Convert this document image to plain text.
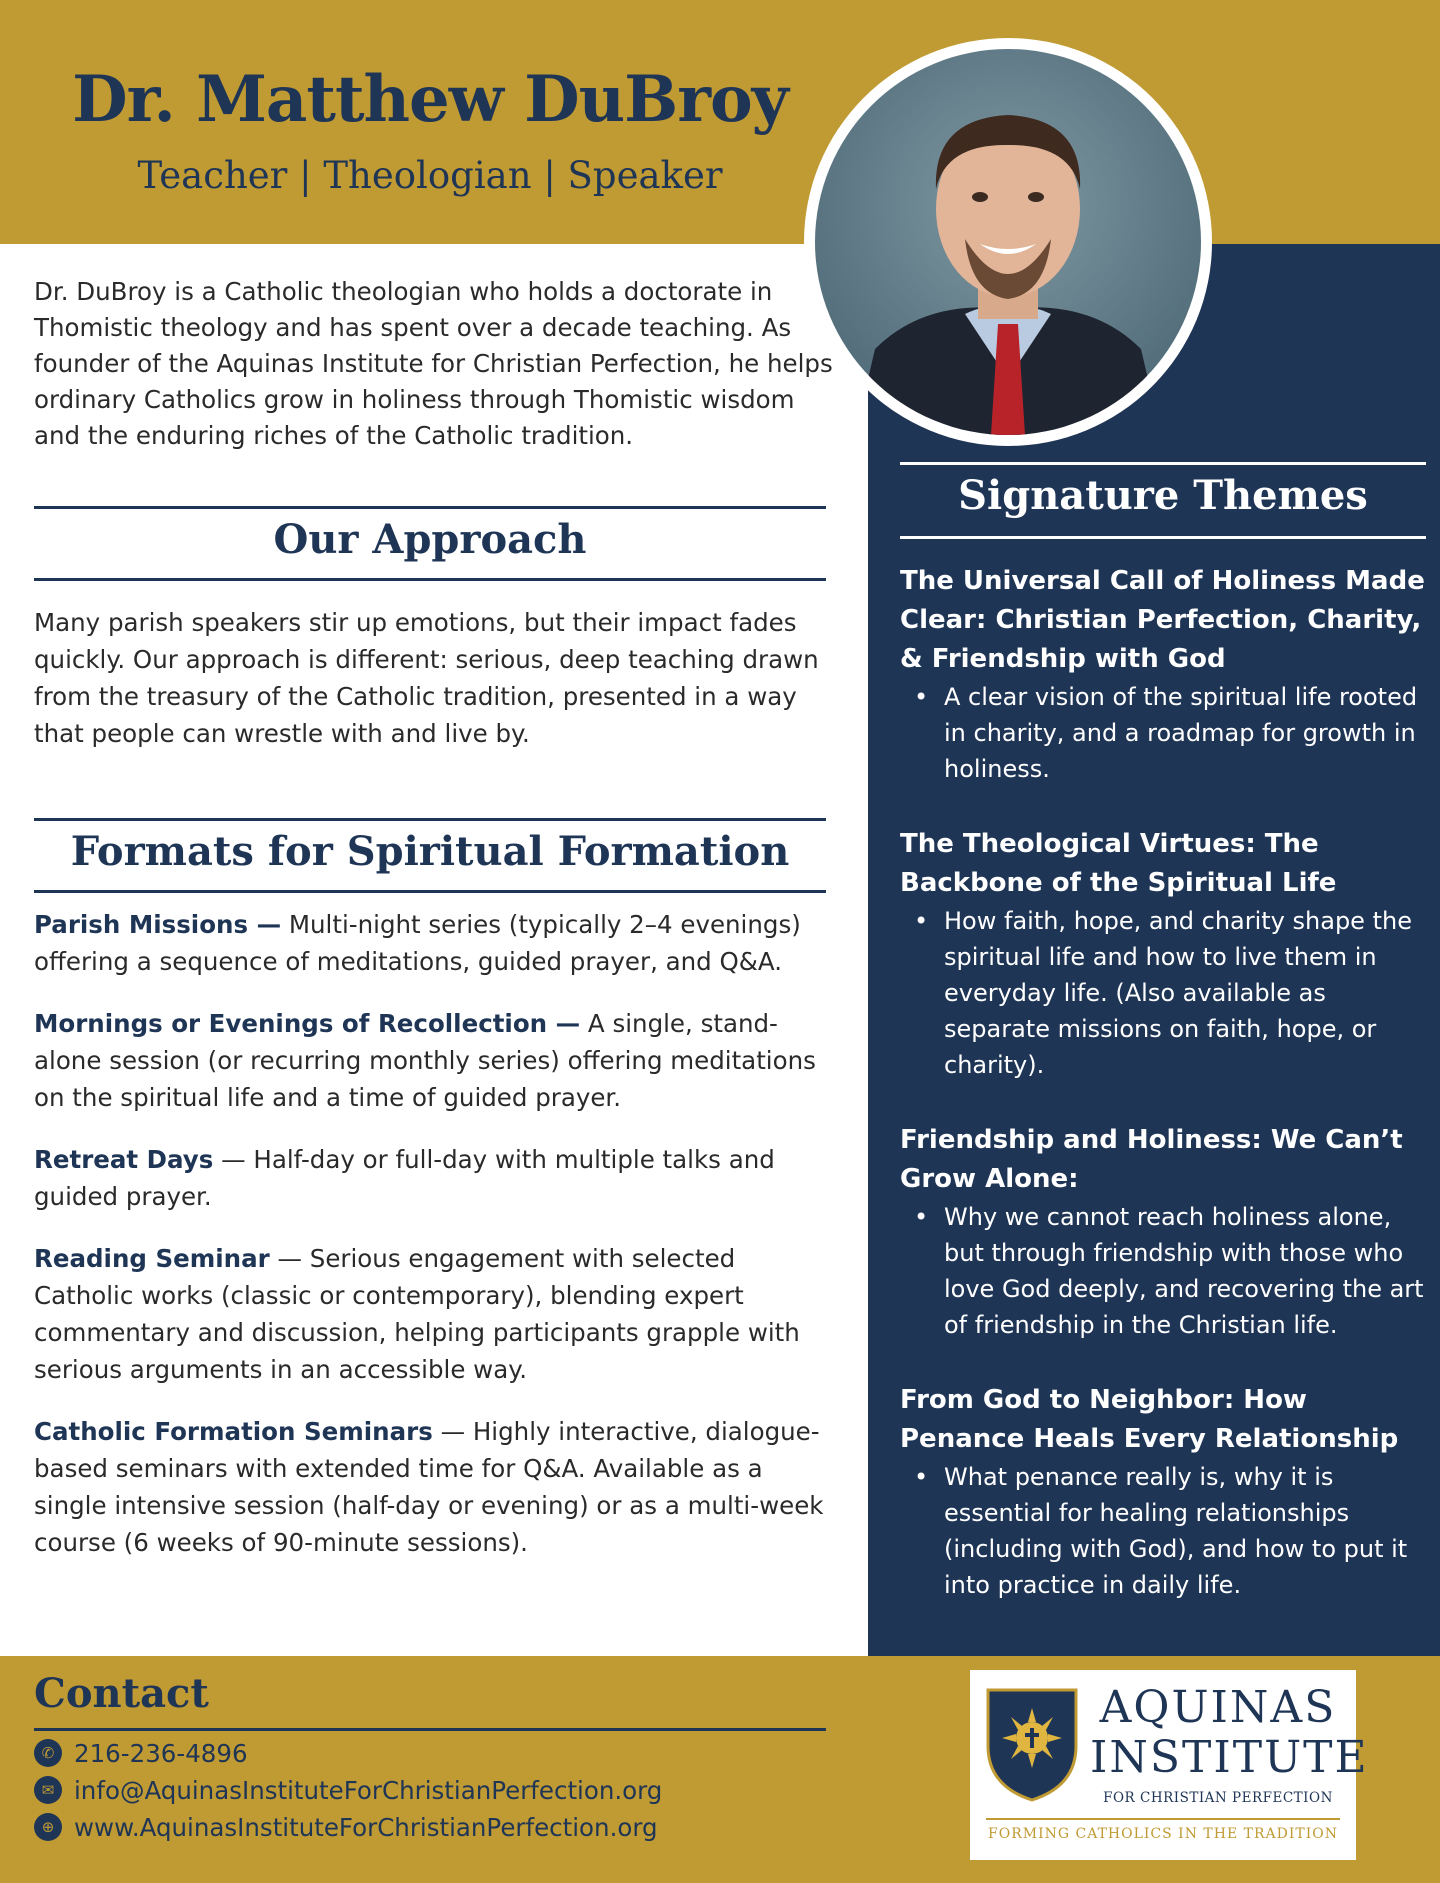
Dr. Matthew DuBroy
Teacher | Theologian | Speaker

Dr. DuBroy is a Catholic theologian who holds a doctorate in Thomistic theology and has spent over a decade teaching. As founder of the Aquinas Institute for Christian Perfection, he helps ordinary Catholics grow in holiness through Thomistic wisdom and the enduring riches of the Catholic tradition.

Our Approach

Many parish speakers stir up emotions, but their impact fades quickly. Our approach is different: serious, deep teaching drawn from the treasury of the Catholic tradition, presented in a way that people can wrestle with and live by.

Formats for Spiritual Formation

Parish Missions — Multi-night series (typically 2–4 evenings) offering a sequence of meditations, guided prayer, and Q&A.

Mornings or Evenings of Recollection — A single, stand-alone session (or recurring monthly series) offering meditations on the spiritual life and a time of guided prayer.

Retreat Days — Half-day or full-day with multiple talks and guided prayer.

Reading Seminar — Serious engagement with selected Catholic works (classic or contemporary), blending expert commentary and discussion, helping participants grapple with serious arguments in an accessible way.

Catholic Formation Seminars — Highly interactive, dialogue-based seminars with extended time for Q&A. Available as a single intensive session (half-day or evening) or as a multi-week course (6 weeks of 90-minute sessions).

Signature Themes
The Universal Call of Holiness Made Clear: Christian Perfection, Charity, & Friendship with God
• A clear vision of the spiritual life rooted in charity, and a roadmap for growth in holiness.
The Theological Virtues: The Backbone of the Spiritual Life
• How faith, hope, and charity shape the spiritual life and how to live them in everyday life. (Also available as separate missions on faith, hope, or charity).
Friendship and Holiness: We Can’t Grow Alone:
• Why we cannot reach holiness alone, but through friendship with those who love God deeply, and recovering the art of friendship in the Christian life.
From God to Neighbor: How Penance Heals Every Relationship
• What penance really is, why it is essential for healing relationships (including with God), and how to put it into practice in daily life.
Contact
✆ 216-236-4896
✉ info@AquinasInstituteForChristianPerfection.org
⊕ www.AquinasInstituteForChristianPerfection.org
AQUINAS
INSTITUTE
FOR CHRISTIAN PERFECTION
FORMING CATHOLICS IN THE TRADITION
